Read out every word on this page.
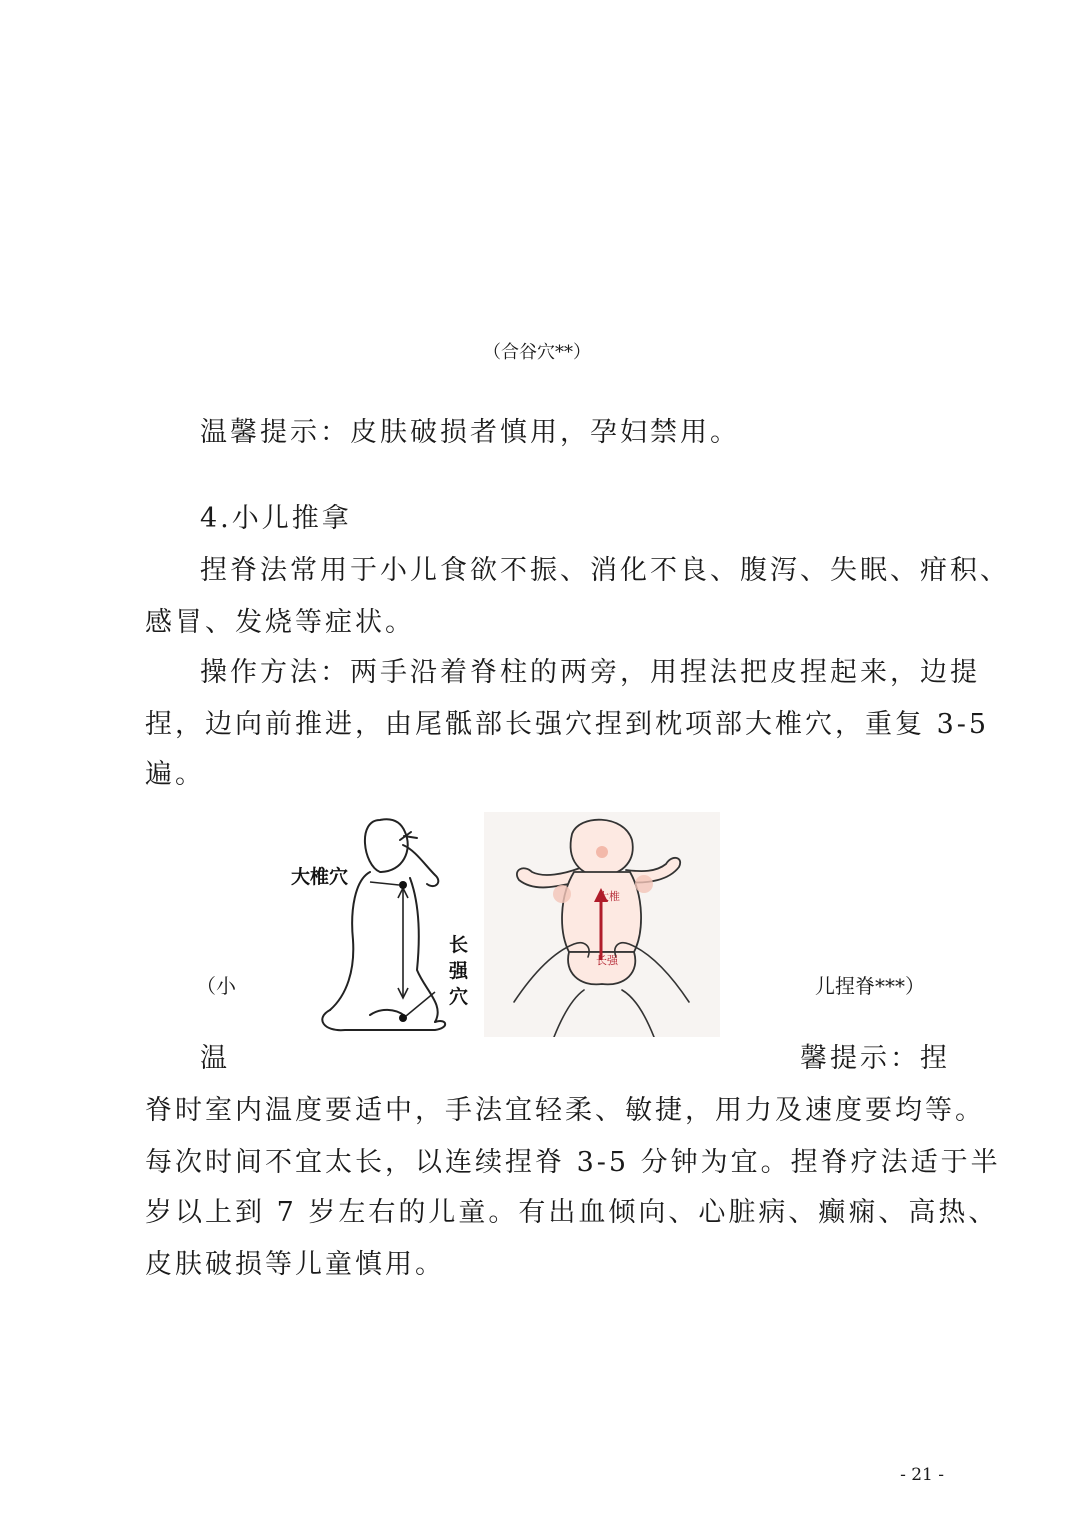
（合谷穴**）
温馨提示：皮肤破损者慎用，孕妇禁用。
4.小儿推拿
捏脊法常用于小儿食欲不振、消化不良、腹泻、失眠、疳积、
感冒、发烧等症状。
操作方法：两手沿着脊柱的两旁，用捏法把皮捏起来，边提
捏，边向前推进，由尾骶部长强穴捏到枕项部大椎穴，重复 3-5
遍。
大椎穴
长
强
穴
大椎
长强
（小	儿捏脊***）
温	馨提示：捏
脊时室内温度要适中，手法宜轻柔、敏捷，用力及速度要均等。
每次时间不宜太长，以连续捏脊 3-5 分钟为宜。捏脊疗法适于半
岁以上到 7 岁左右的儿童。有出血倾向、心脏病、癫痫、高热、
皮肤破损等儿童慎用。
- 21 -
